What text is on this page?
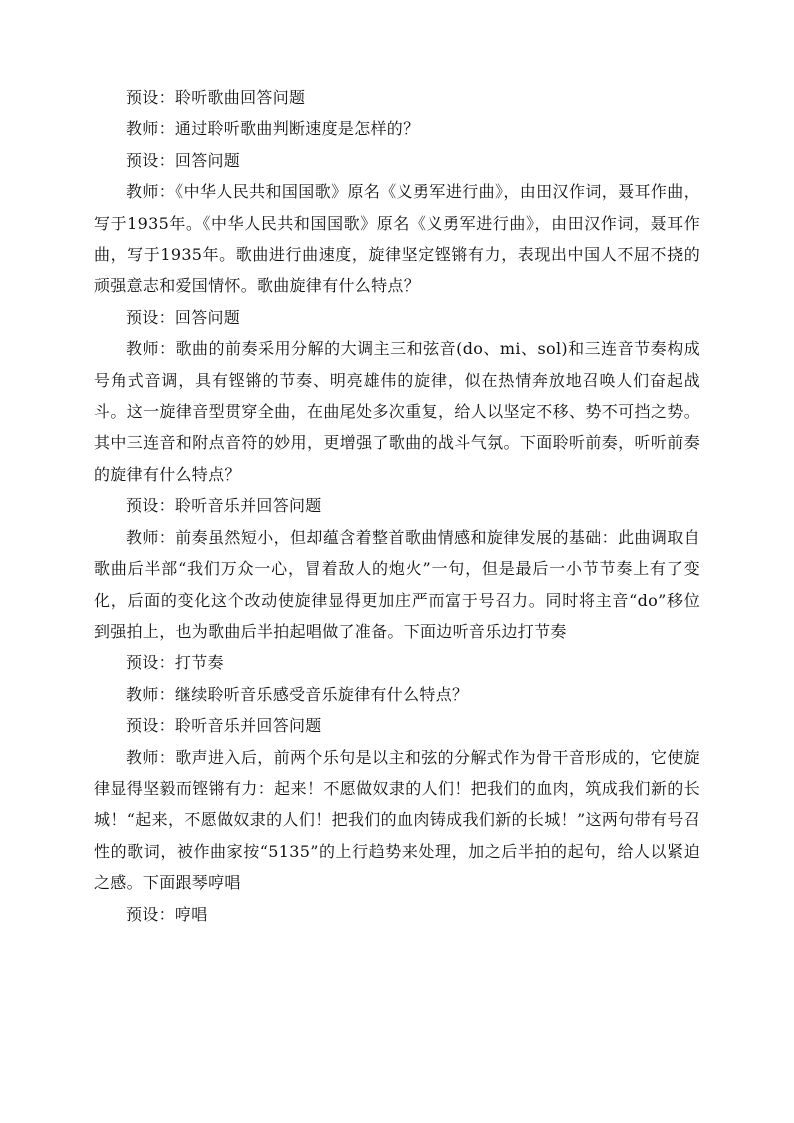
预设：聆听歌曲回答问题

教师：通过聆听歌曲判断速度是怎样的？

预设：回答问题

教师：《中华人民共和国国歌》原名《义勇军进行曲》，由田汉作词，聂耳作曲，写于1935年。《中华人民共和国国歌》原名《义勇军进行曲》，由田汉作词，聂耳作曲，写于1935年。歌曲进行曲速度，旋律坚定铿锵有力，表现出中国人不屈不挠的顽强意志和爱国情怀。歌曲旋律有什么特点？

预设：回答问题

教师：歌曲的前奏采用分解的大调主三和弦音(do、mi、sol)和三连音节奏构成号角式音调，具有铿锵的节奏、明亮雄伟的旋律，似在热情奔放地召唤人们奋起战斗。这一旋律音型贯穿全曲，在曲尾处多次重复，给人以坚定不移、势不可挡之势。其中三连音和附点音符的妙用，更增强了歌曲的战斗气氛。下面聆听前奏，听听前奏的旋律有什么特点？

预设：聆听音乐并回答问题

教师：前奏虽然短小，但却蕴含着整首歌曲情感和旋律发展的基础：此曲调取自歌曲后半部“我们万众一心，冒着敌人的炮火”一句，但是最后一小节节奏上有了变化，后面的变化这个改动使旋律显得更加庄严而富于号召力。同时将主音“do”移位到强拍上，也为歌曲后半拍起唱做了准备。下面边听音乐边打节奏

预设：打节奏

教师：继续聆听音乐感受音乐旋律有什么特点？

预设：聆听音乐并回答问题

教师：歌声进入后，前两个乐句是以主和弦的分解式作为骨干音形成的，它使旋律显得坚毅而铿锵有力：起来！不愿做奴隶的人们！把我们的血肉，筑成我们新的长城！“起来，不愿做奴隶的人们！把我们的血肉铸成我们新的长城！”这两句带有号召性的歌词，被作曲家按“5135”的上行趋势来处理，加之后半拍的起句，给人以紧迫之感。下面跟琴哼唱

预设：哼唱
